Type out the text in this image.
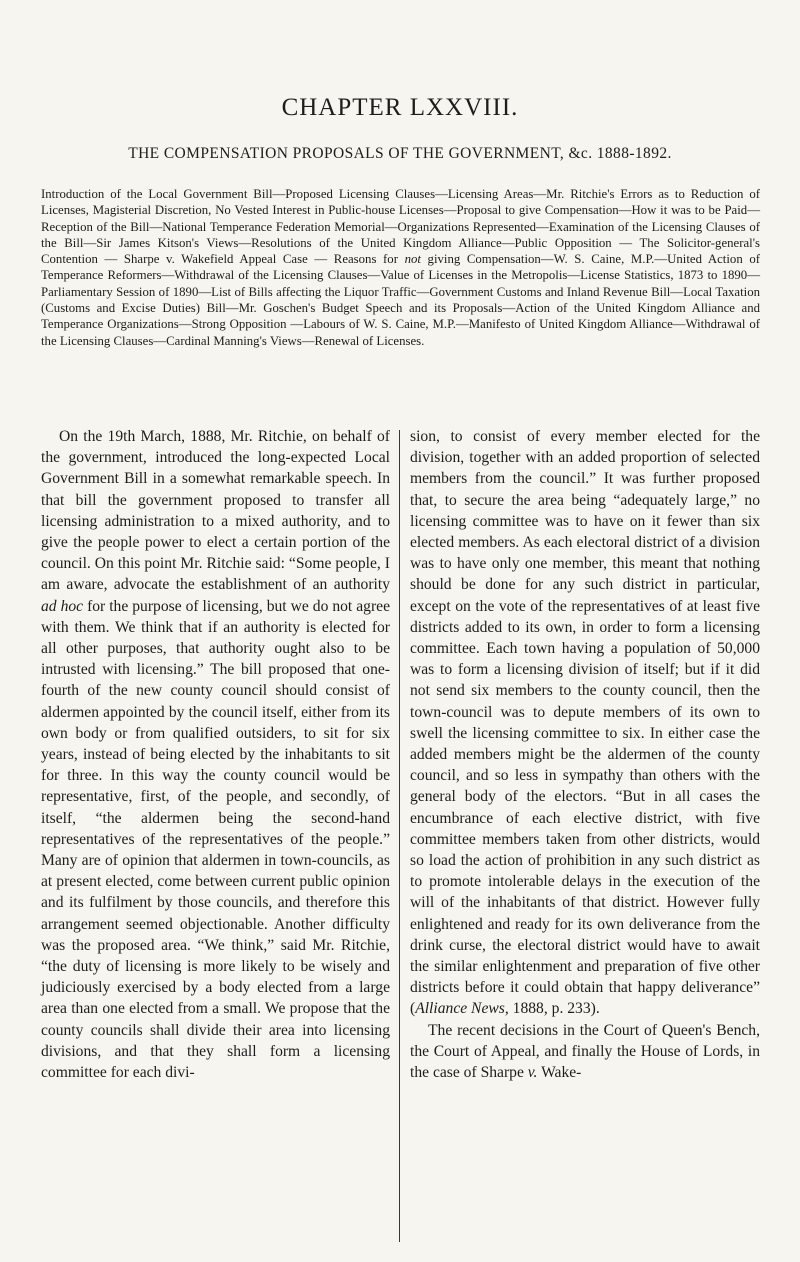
CHAPTER LXXVIII.
THE COMPENSATION PROPOSALS OF THE GOVERNMENT, &c. 1888-1892.

Introduction of the Local Government Bill—Proposed Licensing Clauses—Licensing Areas—Mr. Ritchie's Errors as to Reduction of Licenses, Magisterial Discretion, No Vested Interest in Public-house Licenses—Proposal to give Compensation—How it was to be Paid—Reception of the Bill—National Temperance Federation Memorial—Organizations Represented—Examination of the Licensing Clauses of the Bill—Sir James Kitson's Views—Resolutions of the United Kingdom Alliance—Public Opposition — The Solicitor-general's Contention — Sharpe v. Wakefield Appeal Case — Reasons for not giving Compensation—W. S. Caine, M.P.—United Action of Temperance Reformers—Withdrawal of the Licensing Clauses—Value of Licenses in the Metropolis—License Statistics, 1873 to 1890—Parliamentary Session of 1890—List of Bills affecting the Liquor Traffic—Government Customs and Inland Revenue Bill—Local Taxation (Customs and Excise Duties) Bill—Mr. Goschen's Budget Speech and its Proposals—Action of the United Kingdom Alliance and Temperance Organizations—Strong Opposition —Labours of W. S. Caine, M.P.—Manifesto of United Kingdom Alliance—Withdrawal of the Licensing Clauses—Cardinal Manning's Views—Renewal of Licenses.

On the 19th March, 1888, Mr. Ritchie, on behalf of the government, introduced the long-expected Local Government Bill in a somewhat remarkable speech. In that bill the government proposed to transfer all licensing administration to a mixed authority, and to give the people power to elect a certain portion of the council. On this point Mr. Ritchie said: “Some people, I am aware, advocate the establishment of an authority ad hoc for the purpose of licensing, but we do not agree with them. We think that if an authority is elected for all other purposes, that authority ought also to be intrusted with licensing.” The bill proposed that one-fourth of the new county council should consist of aldermen appointed by the council itself, either from its own body or from qualified outsiders, to sit for six years, instead of being elected by the inhabitants to sit for three. In this way the county council would be representative, first, of the people, and secondly, of itself, “the aldermen being the second-hand representatives of the representatives of the people.” Many are of opinion that aldermen in town-councils, as at present elected, come between current public opinion and its fulfilment by those councils, and therefore this arrangement seemed objectionable. Another difficulty was the proposed area. “We think,” said Mr. Ritchie, “the duty of licensing is more likely to be wisely and judiciously exercised by a body elected from a large area than one elected from a small. We propose that the county councils shall divide their area into licensing divisions, and that they shall form a licensing committee for each divi-

sion, to consist of every member elected for the division, together with an added proportion of selected members from the council.” It was further proposed that, to secure the area being “adequately large,” no licensing committee was to have on it fewer than six elected members. As each electoral district of a division was to have only one member, this meant that nothing should be done for any such district in particular, except on the vote of the representatives of at least five districts added to its own, in order to form a licensing committee. Each town having a population of 50,000 was to form a licensing division of itself; but if it did not send six members to the county council, then the town-council was to depute members of its own to swell the licensing committee to six. In either case the added members might be the aldermen of the county council, and so less in sympathy than others with the general body of the electors. “But in all cases the encumbrance of each elective district, with five committee members taken from other districts, would so load the action of prohibition in any such district as to promote intolerable delays in the execution of the will of the inhabitants of that district. However fully enlightened and ready for its own deliverance from the drink curse, the electoral district would have to await the similar enlightenment and preparation of five other districts before it could obtain that happy deliverance” (Alliance News, 1888, p. 233).

The recent decisions in the Court of Queen's Bench, the Court of Appeal, and finally the House of Lords, in the case of Sharpe v. Wake-
